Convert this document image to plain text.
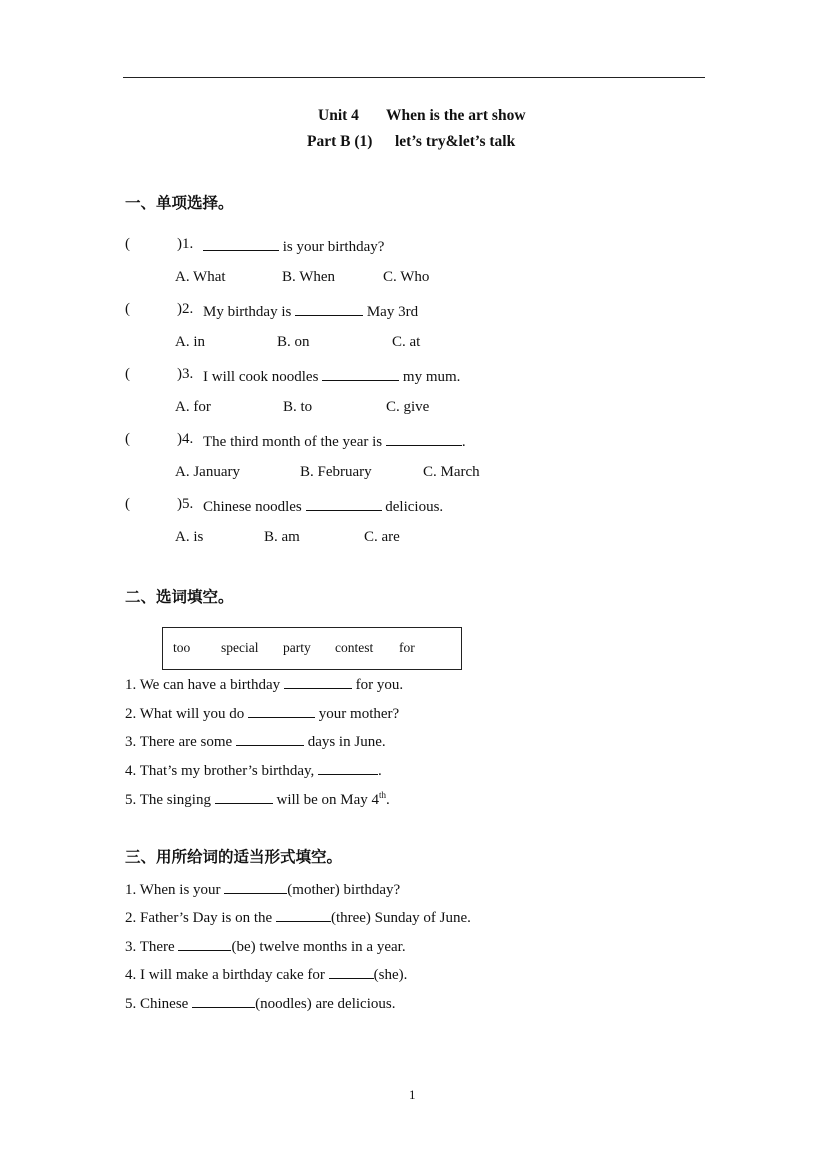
Unit 4 When is the art show
Part B (1) let’s try&let’s talk
一、单项选择。
(	)1.	is your birthday?
A. What	B. When	C. Who
(	)2. My birthday is	May 3rd
A. in	B. on	C. at
(	)3. I will cook noodles	my mum.
A. for	B. to	C. give
(	)4. The third month of the year is	.
A. January	B. February	C. March
(	)5. Chinese noodles	delicious.
A. is	B. am	C. are
二、选词填空。
too special party contest for
1. We can have a birthday	for you.
2. What will you do	your mother?
3. There are some	days in June.
4. That’s my brother’s birthday,	.
5. The singing	will be on May 4th.
三、用所给词的适当形式填空。
1. When is your	(mother) birthday?
2. Father’s Day is on the	(three) Sunday of June.
3. There	(be) twelve months in a year.
4. I will make a birthday cake for	(she).
5. Chinese	(noodles) are delicious.
1
